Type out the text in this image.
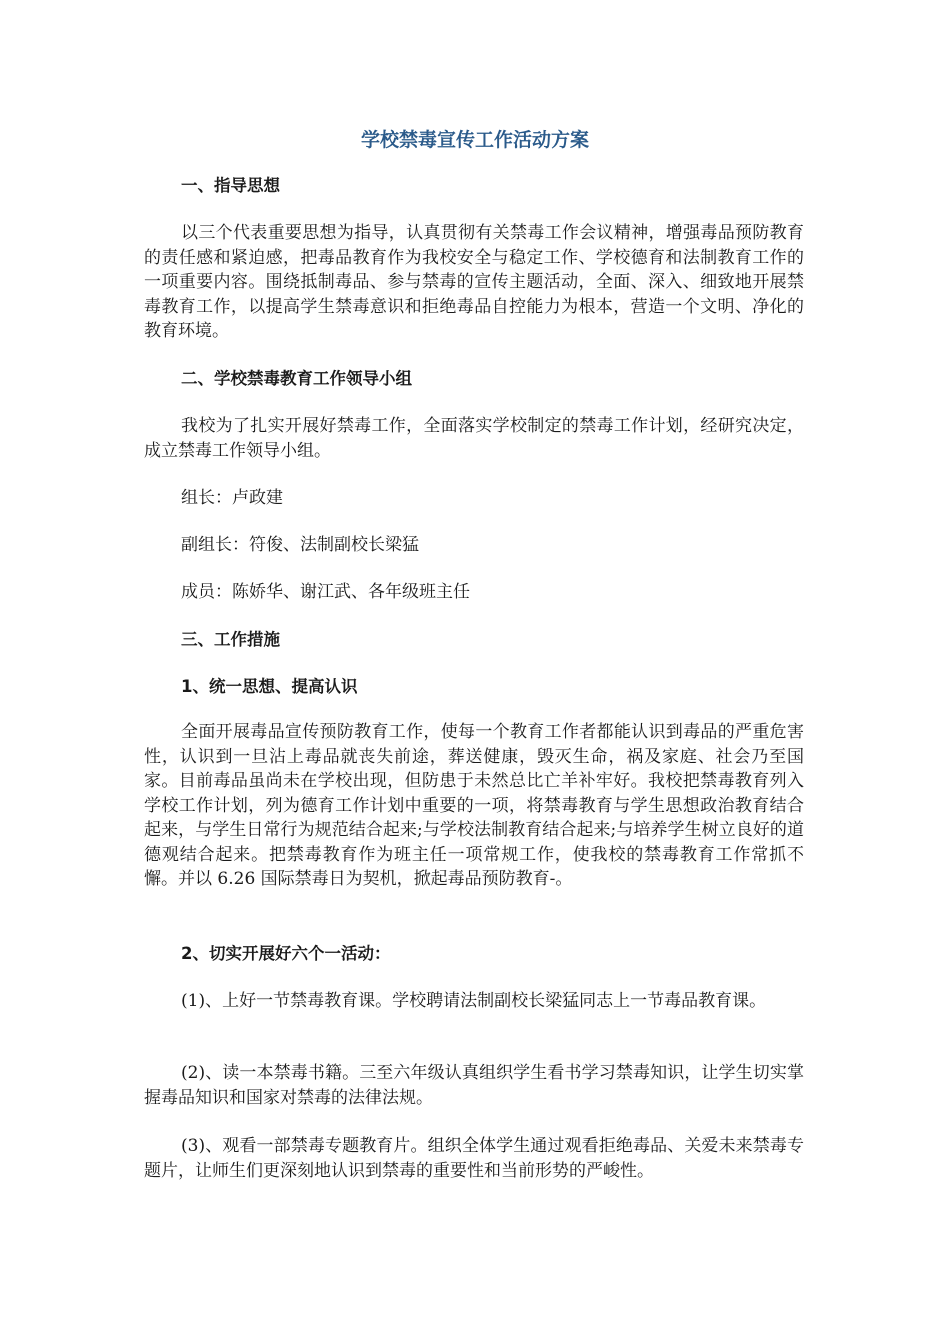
学校禁毒宣传工作活动方案
一、指导思想
以三个代表重要思想为指导，认真贯彻有关禁毒工作会议精神，增强毒品预防教育的责任感和紧迫感，把毒品教育作为我校安全与稳定工作、学校德育和法制教育工作的一项重要内容。围绕抵制毒品、参与禁毒的宣传主题活动，全面、深入、细致地开展禁毒教育工作，以提高学生禁毒意识和拒绝毒品自控能力为根本，营造一个文明、净化的教育环境。
二、学校禁毒教育工作领导小组
我校为了扎实开展好禁毒工作，全面落实学校制定的禁毒工作计划，经研究决定，成立禁毒工作领导小组。
组长：卢政建
副组长：符俊、法制副校长梁猛
成员：陈娇华、谢江武、各年级班主任
三、工作措施
1、统一思想、提高认识
全面开展毒品宣传预防教育工作，使每一个教育工作者都能认识到毒品的严重危害性，认识到一旦沾上毒品就丧失前途，葬送健康，毁灭生命，祸及家庭、社会乃至国家。目前毒品虽尚未在学校出现，但防患于未然总比亡羊补牢好。我校把禁毒教育列入学校工作计划，列为德育工作计划中重要的一项，将禁毒教育与学生思想政治教育结合起来，与学生日常行为规范结合起来;与学校法制教育结合起来;与培养学生树立良好的道德观结合起来。把禁毒教育作为班主任一项常规工作，使我校的禁毒教育工作常抓不懈。并以 6.26 国际禁毒日为契机，掀起毒品预防教育-。
2、切实开展好六个一活动：
(1)、上好一节禁毒教育课。学校聘请法制副校长梁猛同志上一节毒品教育课。
(2)、读一本禁毒书籍。三至六年级认真组织学生看书学习禁毒知识，让学生切实掌握毒品知识和国家对禁毒的法律法规。
(3)、观看一部禁毒专题教育片。组织全体学生通过观看拒绝毒品、关爱未来禁毒专题片，让师生们更深刻地认识到禁毒的重要性和当前形势的严峻性。
